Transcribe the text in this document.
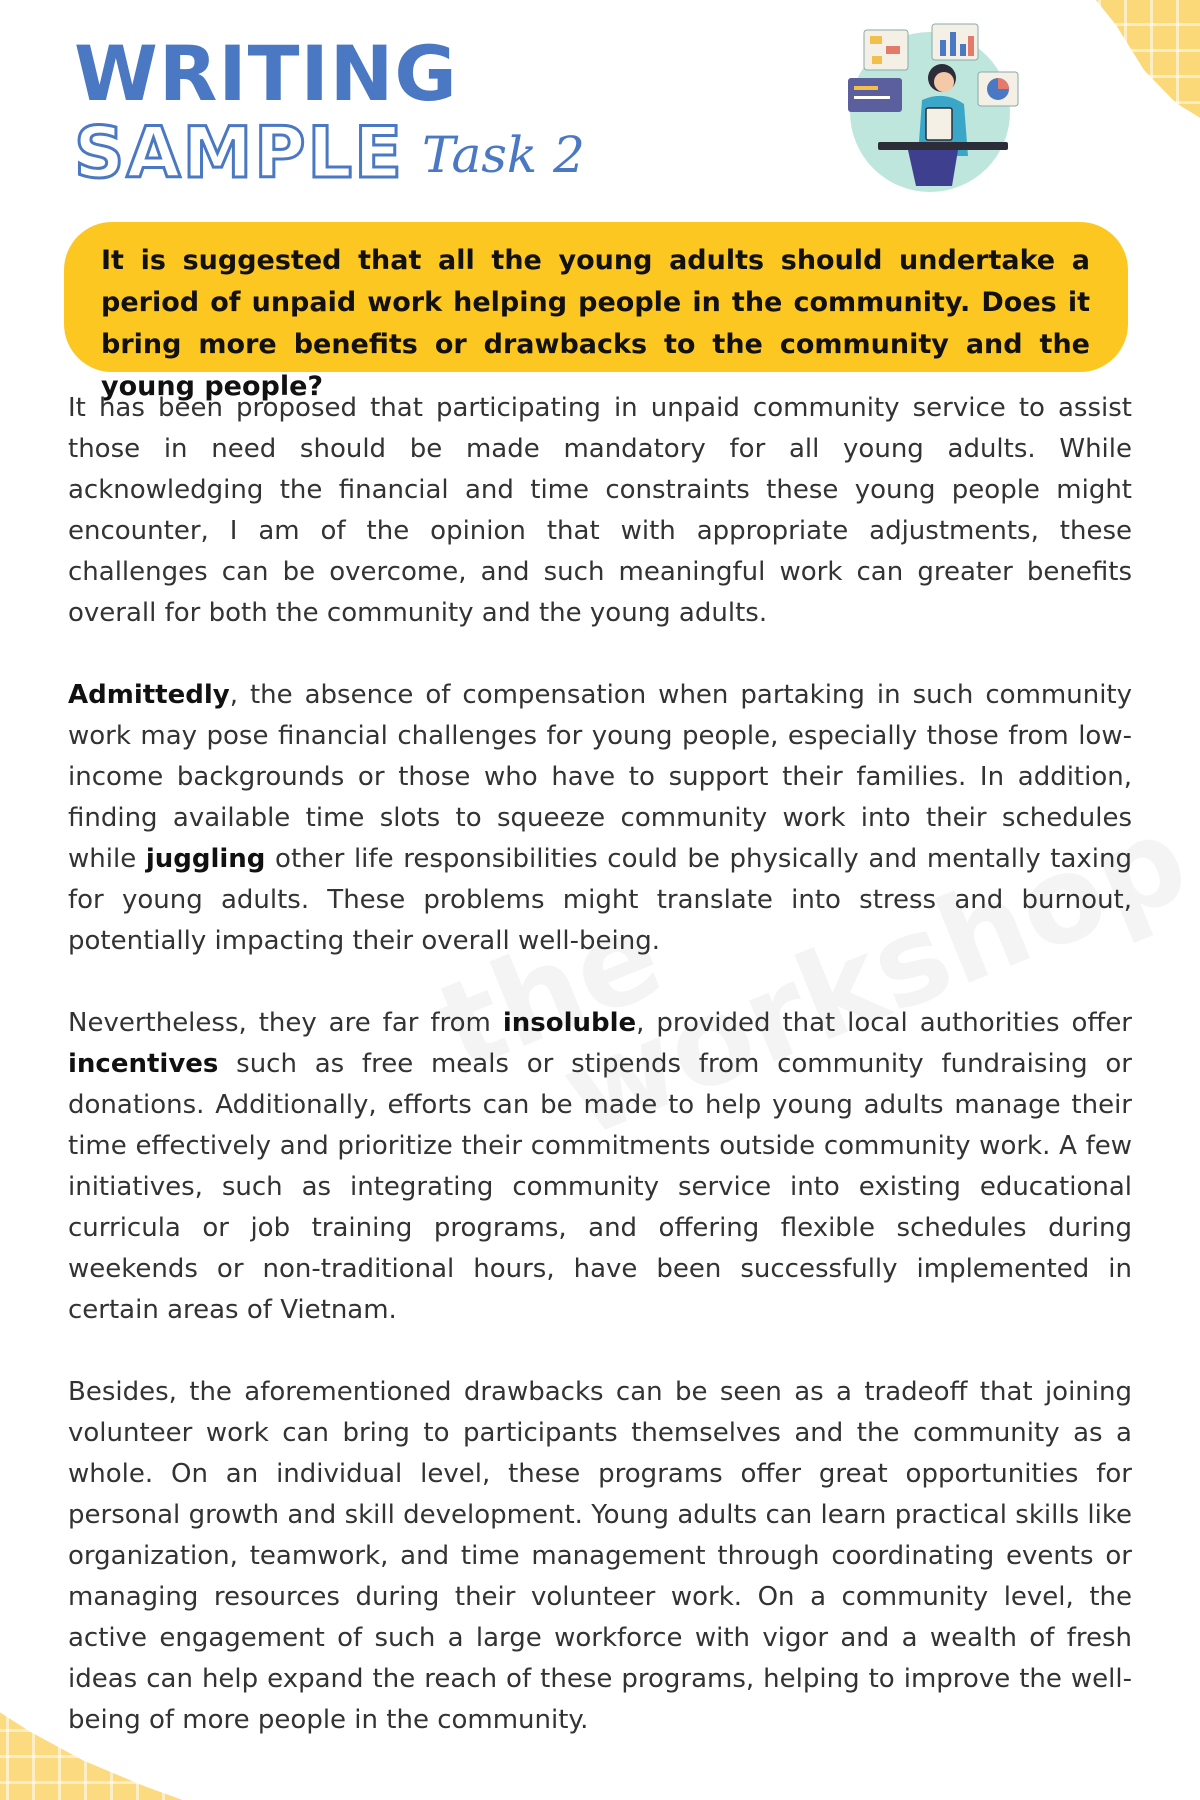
WRITING
SAMPLE Task 2

It is suggested that all the young adults should undertake a period of unpaid work helping people in the community. Does it bring more benefits or drawbacks to the community and the young people?

It has been proposed that participating in unpaid community service to assist those in need should be made mandatory for all young adults. While acknowledging the financial and time constraints these young people might encounter, I am of the opinion that with appropriate adjustments, these challenges can be overcome, and such meaningful work can greater benefits overall for both the community and the young adults.

Admittedly, the absence of compensation when partaking in such community work may pose financial challenges for young people, especially those from low-income backgrounds or those who have to support their families. In addition, finding available time slots to squeeze community work into their schedules while juggling other life responsibilities could be physically and mentally taxing for young adults. These problems might translate into stress and burnout, potentially impacting their overall well-being.

Nevertheless, they are far from insoluble, provided that local authorities offer incentives such as free meals or stipends from community fundraising or donations. Additionally, efforts can be made to help young adults manage their time effectively and prioritize their commitments outside community work. A few initiatives, such as integrating community service into existing educational curricula or job training programs, and offering flexible schedules during weekends or non-traditional hours, have been successfully implemented in certain areas of Vietnam.

Besides, the aforementioned drawbacks can be seen as a tradeoff that joining volunteer work can bring to participants themselves and the community as a whole. On an individual level, these programs offer great opportunities for personal growth and skill development. Young adults can learn practical skills like organization, teamwork, and time management through coordinating events or managing resources during their volunteer work. On a community level, the active engagement of such a large workforce with vigor and a wealth of fresh ideas can help expand the reach of these programs, helping to improve the well-being of more people in the community.
